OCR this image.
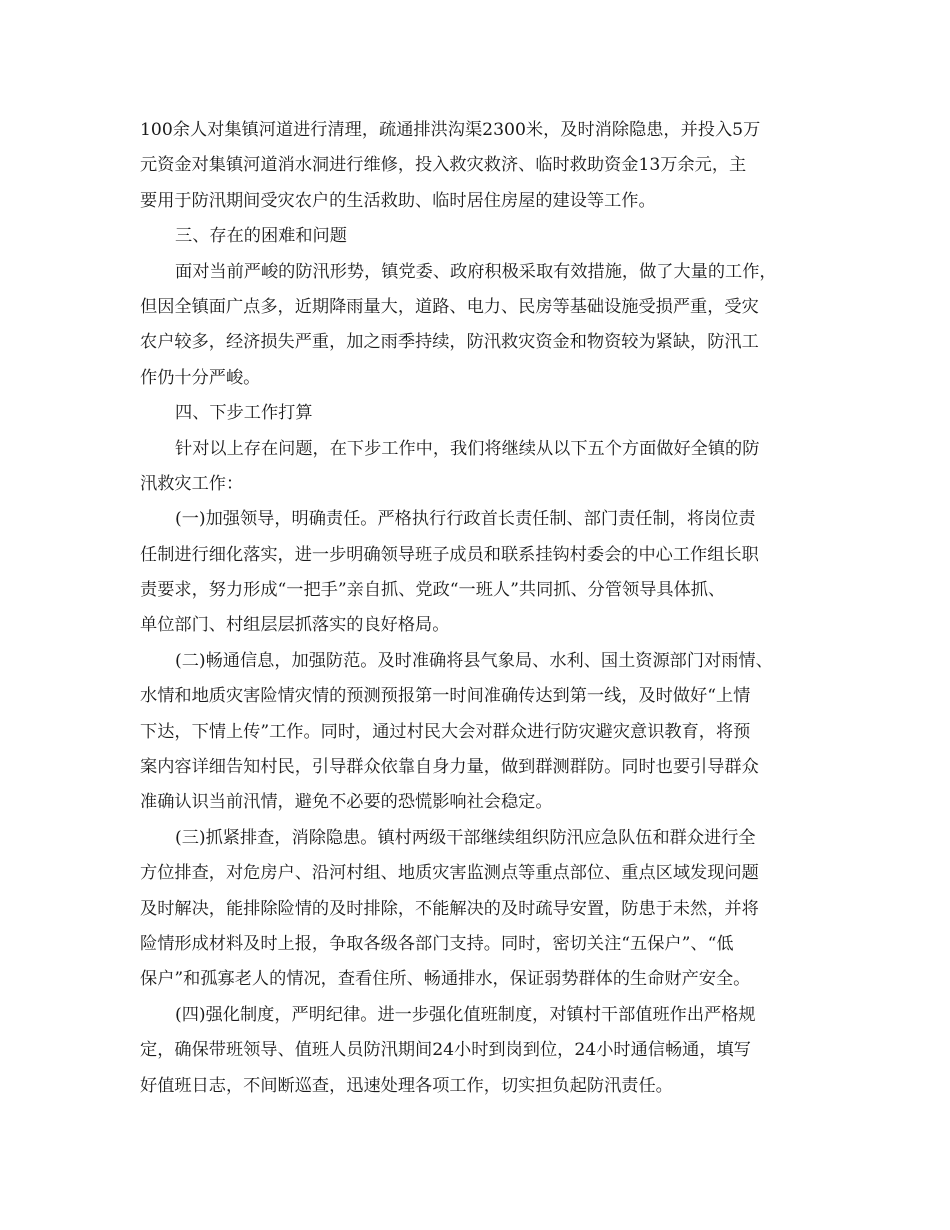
100余人对集镇河道进行清理，疏通排洪沟渠2300米，及时消除隐患，并投入5万
元资金对集镇河道消水洞进行维修，投入救灾救济、临时救助资金13万余元，主
要用于防汛期间受灾农户的生活救助、临时居住房屋的建设等工作。
三、存在的困难和问题
面对当前严峻的防汛形势，镇党委、政府积极采取有效措施，做了大量的工作，
但因全镇面广点多，近期降雨量大，道路、电力、民房等基础设施受损严重，受灾
农户较多，经济损失严重，加之雨季持续，防汛救灾资金和物资较为紧缺，防汛工
作仍十分严峻。
四、下步工作打算
针对以上存在问题，在下步工作中，我们将继续从以下五个方面做好全镇的防
汛救灾工作：
(一)加强领导，明确责任。严格执行行政首长责任制、部门责任制，将岗位责
任制进行细化落实，进一步明确领导班子成员和联系挂钩村委会的中心工作组长职
责要求，努力形成“一把手”亲自抓、党政“一班人”共同抓、分管领导具体抓、
单位部门、村组层层抓落实的良好格局。
(二)畅通信息，加强防范。及时准确将县气象局、水利、国土资源部门对雨情、
水情和地质灾害险情灾情的预测预报第一时间准确传达到第一线，及时做好“上情
下达，下情上传”工作。同时，通过村民大会对群众进行防灾避灾意识教育，将预
案内容详细告知村民，引导群众依靠自身力量，做到群测群防。同时也要引导群众
准确认识当前汛情，避免不必要的恐慌影响社会稳定。
(三)抓紧排查，消除隐患。镇村两级干部继续组织防汛应急队伍和群众进行全
方位排查，对危房户、沿河村组、地质灾害监测点等重点部位、重点区域发现问题
及时解决，能排除险情的及时排除，不能解决的及时疏导安置，防患于未然，并将
险情形成材料及时上报，争取各级各部门支持。同时，密切关注“五保户”、“低
保户”和孤寡老人的情况，查看住所、畅通排水，保证弱势群体的生命财产安全。
(四)强化制度，严明纪律。进一步强化值班制度，对镇村干部值班作出严格规
定，确保带班领导、值班人员防汛期间24小时到岗到位，24小时通信畅通，填写
好值班日志，不间断巡查，迅速处理各项工作，切实担负起防汛责任。
